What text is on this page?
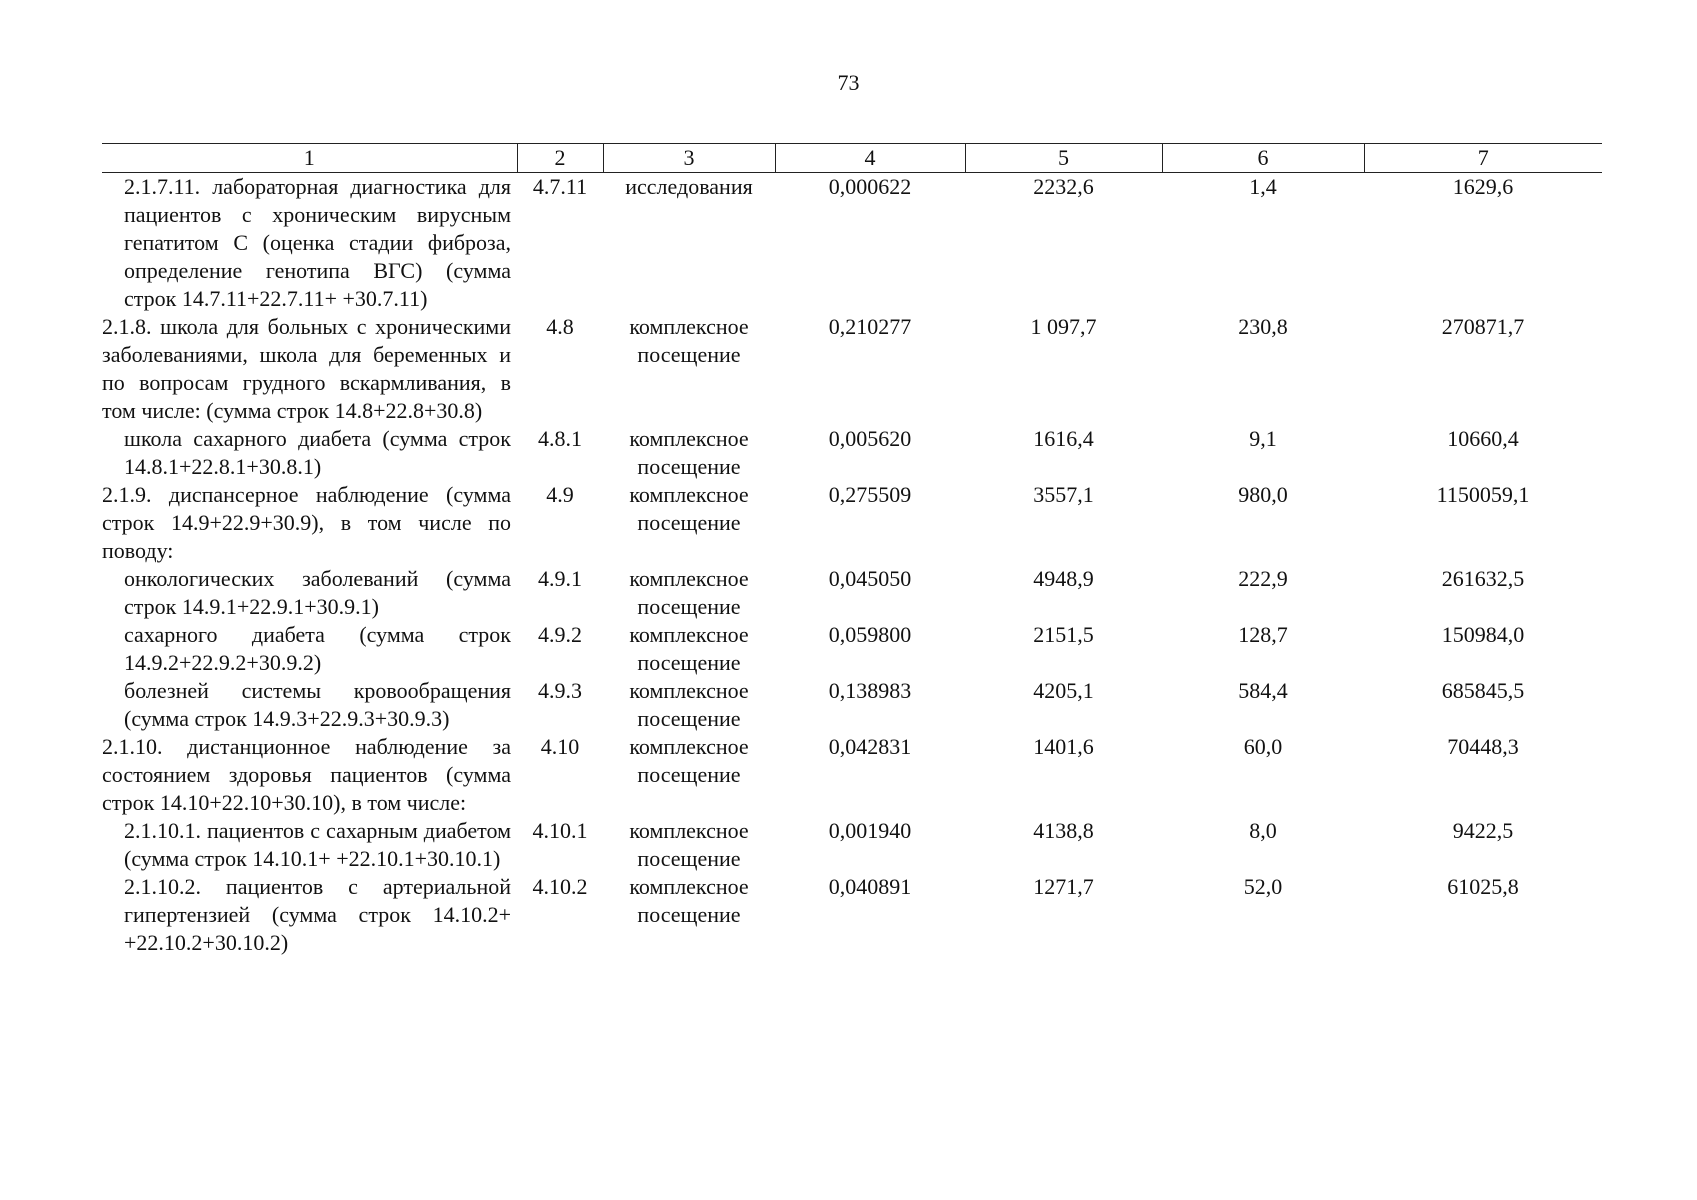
73
1	2	3	4	5	6	7
2.1.7.11. лабораторная диагностика для пациентов с хроническим вирусным гепатитом С (оценка стадии фиброза, определение генотипа ВГС) (сумма строк 14.7.11+22.7.11+ +30.7.11)	4.7.11	исследования	0,000622	2232,6	1,4	1629,6
2.1.8. школа для больных с хроническими заболеваниями, школа для беременных и по вопросам грудного вскармливания, в том числе: (сумма строк 14.8+22.8+30.8)	4.8	комплексное посещение	0,210277	1 097,7	230,8	270871,7
школа сахарного диабета (сумма строк 14.8.1+22.8.1+30.8.1)	4.8.1	комплексное посещение	0,005620	1616,4	9,1	10660,4
2.1.9. диспансерное наблюдение (сумма строк 14.9+22.9+30.9), в том числе по поводу:	4.9	комплексное посещение	0,275509	3557,1	980,0	1150059,1
онкологических заболеваний (сумма строк 14.9.1+22.9.1+30.9.1)	4.9.1	комплексное посещение	0,045050	4948,9	222,9	261632,5
сахарного диабета (сумма строк 14.9.2+22.9.2+30.9.2)	4.9.2	комплексное посещение	0,059800	2151,5	128,7	150984,0
болезней системы кровообращения (сумма строк 14.9.3+22.9.3+30.9.3)	4.9.3	комплексное посещение	0,138983	4205,1	584,4	685845,5
2.1.10. дистанционное наблюдение за состоянием здоровья пациентов (сумма строк 14.10+22.10+30.10), в том числе:	4.10	комплексное посещение	0,042831	1401,6	60,0	70448,3
2.1.10.1. пациентов с сахарным диабетом (сумма строк 14.10.1+ +22.10.1+30.10.1)	4.10.1	комплексное посещение	0,001940	4138,8	8,0	9422,5
2.1.10.2. пациентов с артериальной гипертензией (сумма строк 14.10.2+ +22.10.2+30.10.2)	4.10.2	комплексное посещение	0,040891	1271,7	52,0	61025,8
